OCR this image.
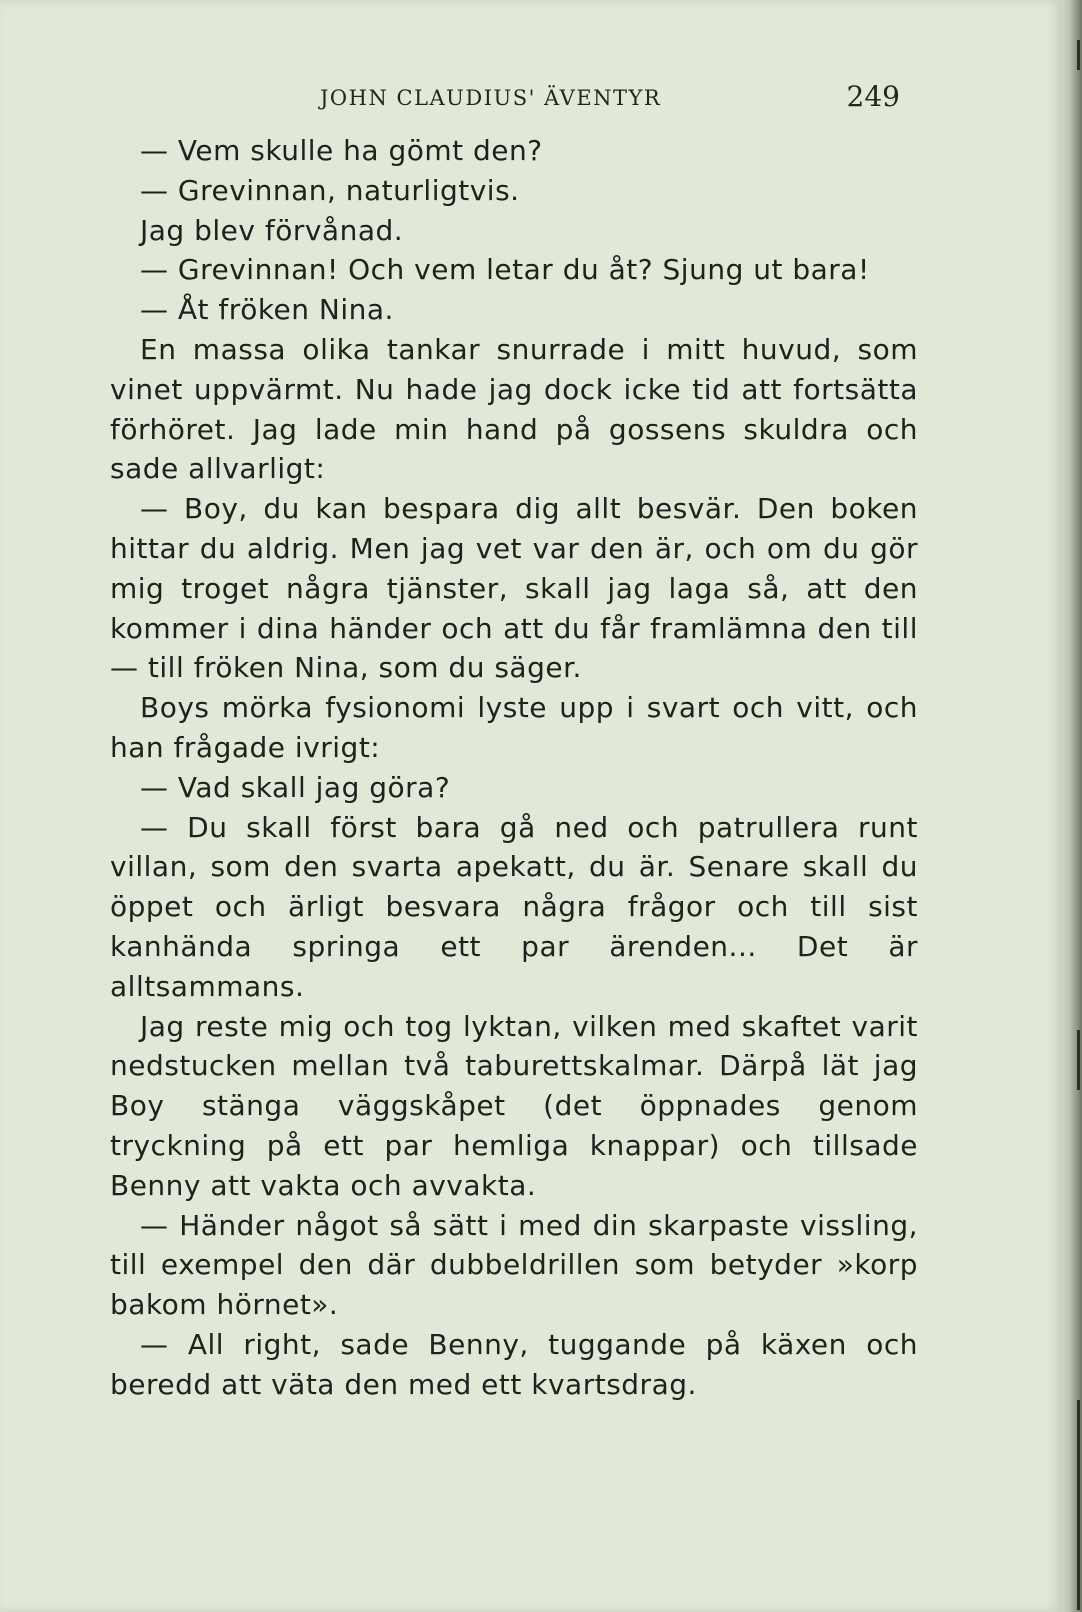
JOHN CLAUDIUS' ÄVENTYR	249

— Vem skulle ha gömt den?

— Grevinnan, naturligtvis.

Jag blev förvånad.

— Grevinnan! Och vem letar du åt? Sjung ut bara!

— Åt fröken Nina.

En massa olika tankar snurrade i mitt huvud, som vinet uppvärmt. Nu hade jag dock icke tid att fortsätta förhöret. Jag lade min hand på gossens skuldra och sade allvarligt:

— Boy, du kan bespara dig allt besvär. Den boken hittar du aldrig. Men jag vet var den är, och om du gör mig troget några tjänster, skall jag laga så, att den kommer i dina händer och att du får framlämna den till — till fröken Nina, som du säger.

Boys mörka fysionomi lyste upp i svart och vitt, och han frågade ivrigt:

— Vad skall jag göra?

— Du skall först bara gå ned och patrullera runt villan, som den svarta apekatt, du är. Senare skall du öppet och ärligt besvara några frågor och till sist kanhända springa ett par ärenden... Det är alltsammans.

Jag reste mig och tog lyktan, vilken med skaftet varit nedstucken mellan två taburettskalmar. Därpå lät jag Boy stänga väggskåpet (det öppnades genom tryckning på ett par hemliga knappar) och tillsade Benny att vakta och avvakta.

— Händer något så sätt i med din skarpaste vissling, till exempel den där dubbeldrillen som betyder »korp bakom hörnet».

— All right, sade Benny, tuggande på käxen och beredd att väta den med ett kvartsdrag.
